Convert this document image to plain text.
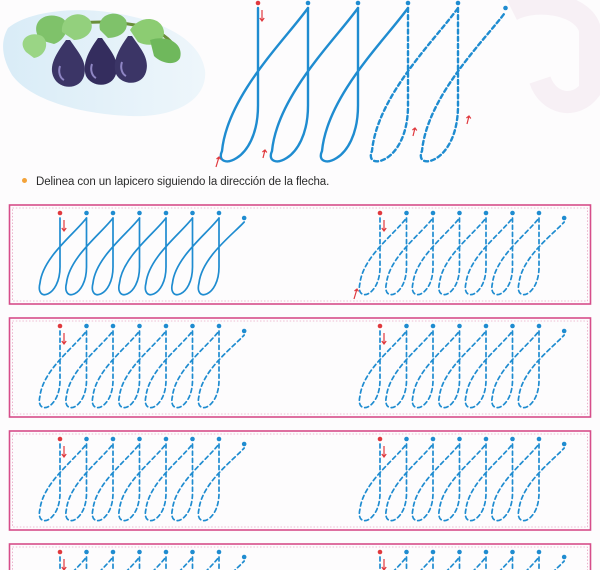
Delinea con un lapicero siguiendo la dirección de la flecha.
